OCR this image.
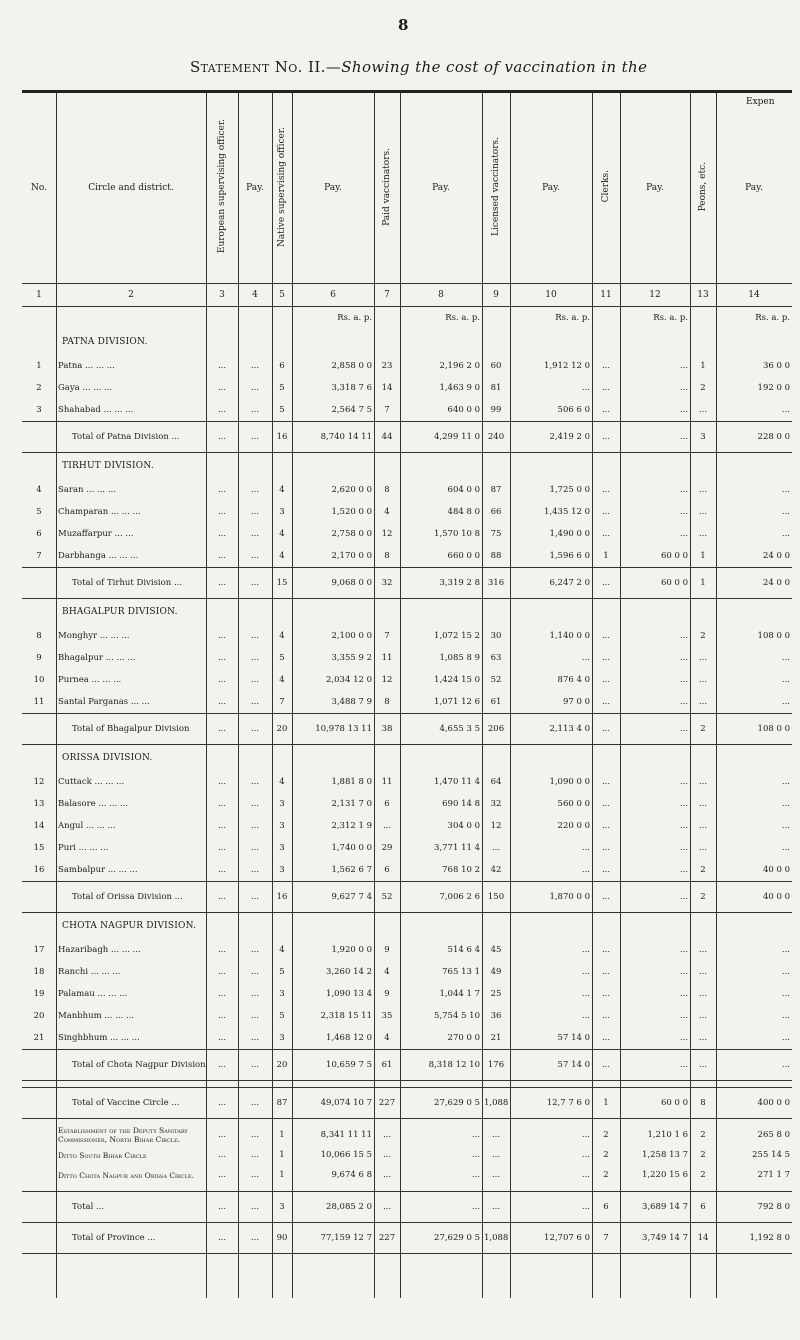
8
Statement No. II.—Showing the cost of vaccination in the
Expen
No.	Circle and district.	European supervising officer.	Pay.	Native supervising officer.	Pay.	Paid vaccinators.	Pay.	Licensed vaccinators.	Pay.	Clerks.	Pay.	Peons, etc.	Pay.
1	2	3	4	5	6	7	8	9	10	11	12	13	14
					Rs. a. p.		Rs. a. p.		Rs. a. p.		Rs. a. p.		Rs. a. p.
	PATNA DIVISION.												
1	Patna ... ... ...	...	...	6	2,858 0 0	23	2,196 2 0	60	1,912 12 0	...	...	1	36 0 0
2	Gaya ... ... ...	...	...	5	3,318 7 6	14	1,463 9 0	81	...	...	...	2	192 0 0
3	Shahabad ... ... ...	...	...	5	2,564 7 5	7	640 0 0	99	506 6 0	...	...	...	...
	Total of Patna Division ...	...	...	16	8,740 14 11	44	4,299 11 0	240	2,419 2 0	...	...	3	228 0 0
	TIRHUT DIVISION.												
4	Saran ... ... ...	...	...	4	2,620 0 0	8	604 0 0	87	1,725 0 0	...	...	...	...
5	Champaran ... ... ...	...	...	3	1,520 0 0	4	484 8 0	66	1,435 12 0	...	...	...	...
6	Muzaffarpur ... ...	...	...	4	2,758 0 0	12	1,570 10 8	75	1,490 0 0	...	...	...	...
7	Darbhanga ... ... ...	...	...	4	2,170 0 0	8	660 0 0	88	1,596 6 0	1	60 0 0	1	24 0 0
	Total of Tirhut Division ...	...	...	15	9,068 0 0	32	3,319 2 8	316	6,247 2 0	...	60 0 0	1	24 0 0
	BHAGALPUR DIVISION.												
8	Monghyr ... ... ...	...	...	4	2,100 0 0	7	1,072 15 2	30	1,140 0 0	...	...	2	108 0 0
9	Bhagalpur ... ... ...	...	...	5	3,355 9 2	11	1,085 8 9	63	...	...	...	...	...
10	Purnea ... ... ...	...	...	4	2,034 12 0	12	1,424 15 0	52	876 4 0	...	...	...	...
11	Santal Parganas ... ...	...	...	7	3,488 7 9	8	1,071 12 6	61	97 0 0	...	...	...	...
	Total of Bhagalpur Division	...	...	20	10,978 13 11	38	4,655 3 5	206	2,113 4 0	...	...	2	108 0 0
	ORISSA DIVISION.												
12	Cuttack ... ... ...	...	...	4	1,881 8 0	11	1,470 11 4	64	1,090 0 0	...	...	...	...
13	Balasore ... ... ...	...	...	3	2,131 7 0	6	690 14 8	32	560 0 0	...	...	...	...
14	Angul ... ... ...	...	...	3	2,312 1 9	...	304 0 0	12	220 0 0	...	...	...	...
15	Puri ... ... ...	...	...	3	1,740 0 0	29	3,771 11 4	...	...	...	...	...	...
16	Sambalpur ... ... ...	...	...	3	1,562 6 7	6	768 10 2	42	...	...	...	2	40 0 0
	Total of Orissa Division ...	...	...	16	9,627 7 4	52	7,006 2 6	150	1,870 0 0	...	...	2	40 0 0
	CHOTA NAGPUR DIVISION.												
17	Hazaribagh ... ... ...	...	...	4	1,920 0 0	9	514 6 4	45	...	...	...	...	...
18	Ranchi ... ... ...	...	...	5	3,260 14 2	4	765 13 1	49	...	...	...	...	...
19	Palamau ... ... ...	...	...	3	1,090 13 4	9	1,044 1 7	25	...	...	...	...	...
20	Manbhum ... ... ...	...	...	5	2,318 15 11	35	5,754 5 10	36	...	...	...	...	...
21	Singhbhum ... ... ...	...	...	3	1,468 12 0	4	270 0 0	21	57 14 0	...	...	...	...
	Total of Chota Nagpur Division	...	...	20	10,659 7 5	61	8,318 12 10	176	57 14 0	...	...	...	...

	Total of Vaccine Circle ...	...	...	87	49,074 10 7	227	27,629 0 5	1,088	12,7 7 6 0	1	60 0 0	8	400 0 0

	Establishment of the Deputy Sanitary Commissioner, North Bihar Circle.	...	...	1	8,341 11 11	...	...	...	...	2	1,210 1 6	2	265 8 0
	Ditto South Bihar Circle	...	...	1	10,066 15 5	...	...	...	...	2	1,258 13 7	2	255 14 5
	Ditto Chota Nagpur and Orissa Circle.	...	...	1	9,674 6 8	...	...	...	...	2	1,220 15 6	2	271 1 7

	Total ...	...	...	3	28,085 2 0	...	...	...	...	6	3,689 14 7	6	792 8 0
	Total of Province ...	...	...	90	77,159 12 7	227	27,629 0 5	1,088	12,707 6 0	7	3,749 14 7	14	1,192 8 0
